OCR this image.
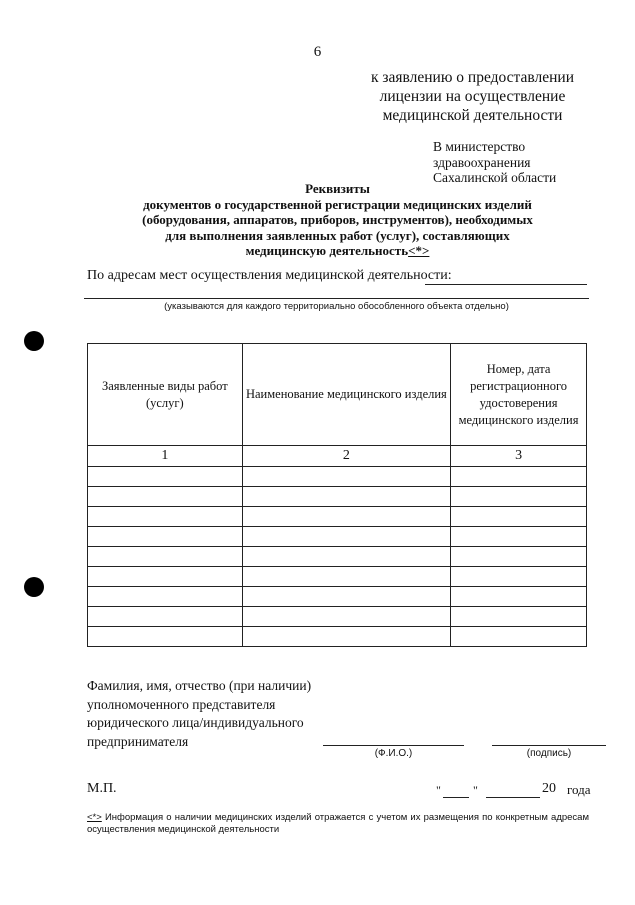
6
к заявлению о предоставлении
лицензии на осуществление
медицинской деятельности
В министерство
здравоохранения
Сахалинской области
Реквизиты
документов о государственной регистрации медицинских изделий
(оборудования, аппаратов, приборов, инструментов), необходимых
для выполнения заявленных работ (услуг), составляющих
медицинскую деятельность<*>
По адресам мест осуществления медицинской деятельности:
(указываются для каждого территориально обособленного объекта отдельно)
Заявленные виды работ (услуг)	Наименование медицинского изделия	Номер, дата регистрационного удостоверения медицинского изделия
1	2	3

Фамилия, имя, отчество (при наличии)
уполномоченного представителя
юридического лица/индивидуального
предпринимателя
(Ф.И.О.)	(подпись)
М.П.	"	"	20 года
<*> Информация о наличии медицинских изделий отражается с учетом их размещения по конкретным адресам осуществления медицинской деятельности
